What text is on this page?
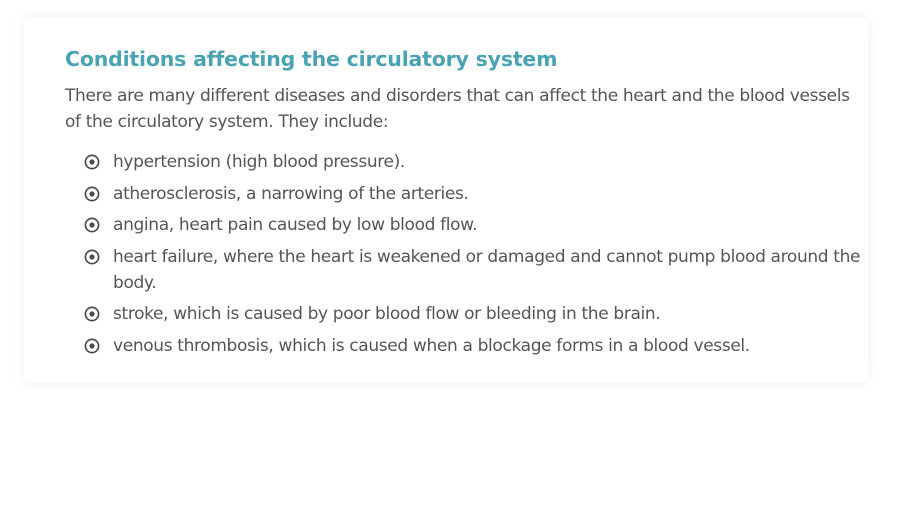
Conditions affecting the circulatory system

There are many different diseases and disorders that can affect the heart and the blood vessels of the circulatory system. They include:

hypertension (high blood pressure).
atherosclerosis, a narrowing of the arteries.
angina, heart pain caused by low blood flow.
heart failure, where the heart is weakened or damaged and cannot pump blood around the body.
stroke, which is caused by poor blood flow or bleeding in the brain.
venous thrombosis, which is caused when a blockage forms in a blood vessel.
